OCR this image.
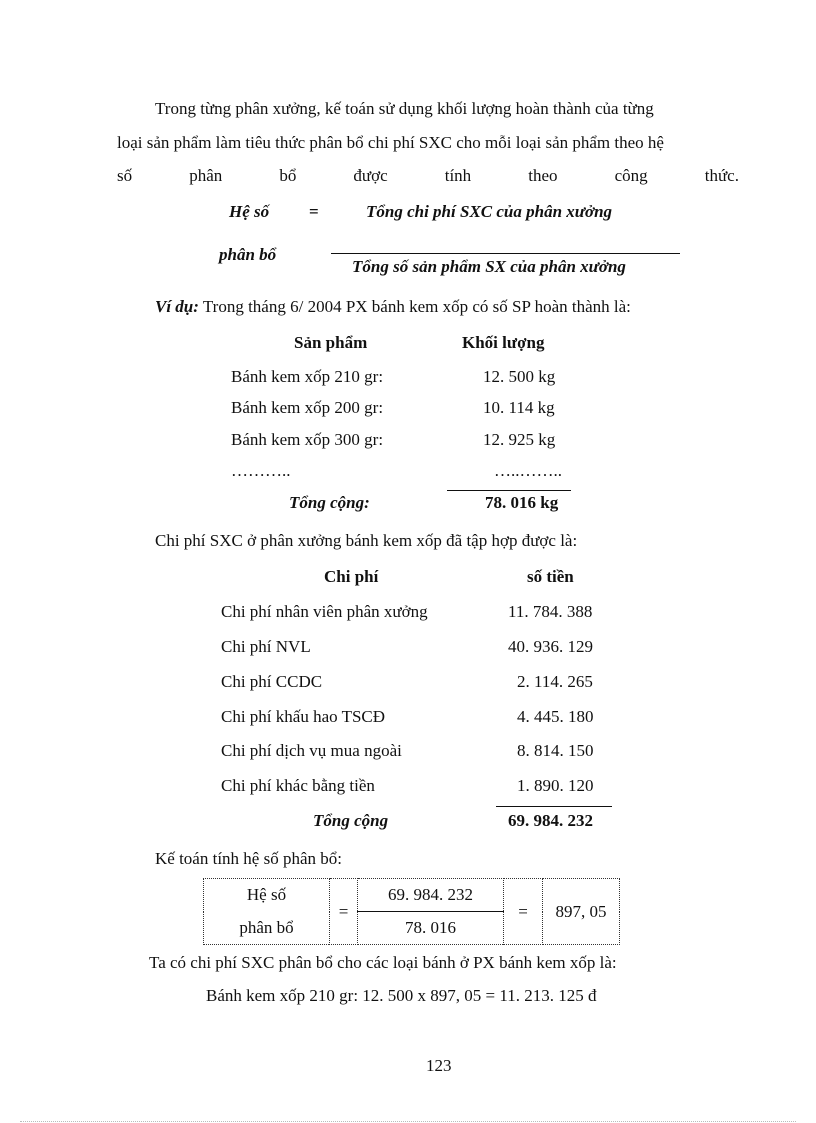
Trong từng phân xưởng, kế toán sử dụng khối lượng hoàn thành của từng
loại sản phẩm làm tiêu thức phân bổ chi phí SXC cho mỗi loại sản phẩm theo hệ
số	phân	bổ	được	tính	theo	công	thức.
Hệ số =	Tổng chi phí SXC của phân xưởng
phân bổ
Tổng số sản phẩm SX của phân xưởng
Ví dụ: Trong tháng 6/ 2004 PX bánh kem xốp có số SP hoàn thành là:
Sản phẩm	Khối lượng
Bánh kem xốp 210 gr:	12. 500 kg
Bánh kem xốp 200 gr:	10. 114 kg
Bánh kem xốp 300 gr:	12. 925 kg
………..	…..……..
Tổng cộng:	78. 016 kg
Chi phí SXC ở phân xưởng bánh kem xốp đã tập hợp được là:
Chi phí	số tiền
Chi phí nhân viên phân xưởng	11. 784. 388
Chi phí NVL	40. 936. 129
Chi phí CCDC	2. 114. 265
Chi phí khấu hao TSCĐ	4. 445. 180
Chi phí dịch vụ mua ngoài	8. 814. 150
Chi phí khác bằng tiền	1. 890. 120
Tổng cộng	69. 984. 232
Kế toán tính hệ số phân bổ:
Hệ số	=	69. 984. 232	=	897, 05
phân bổ		78. 016		
Ta có chi phí SXC phân bổ cho các loại bánh ở PX bánh kem xốp là:
Bánh kem xốp 210 gr: 12. 500 x 897, 05 = 11. 213. 125 đ
123
